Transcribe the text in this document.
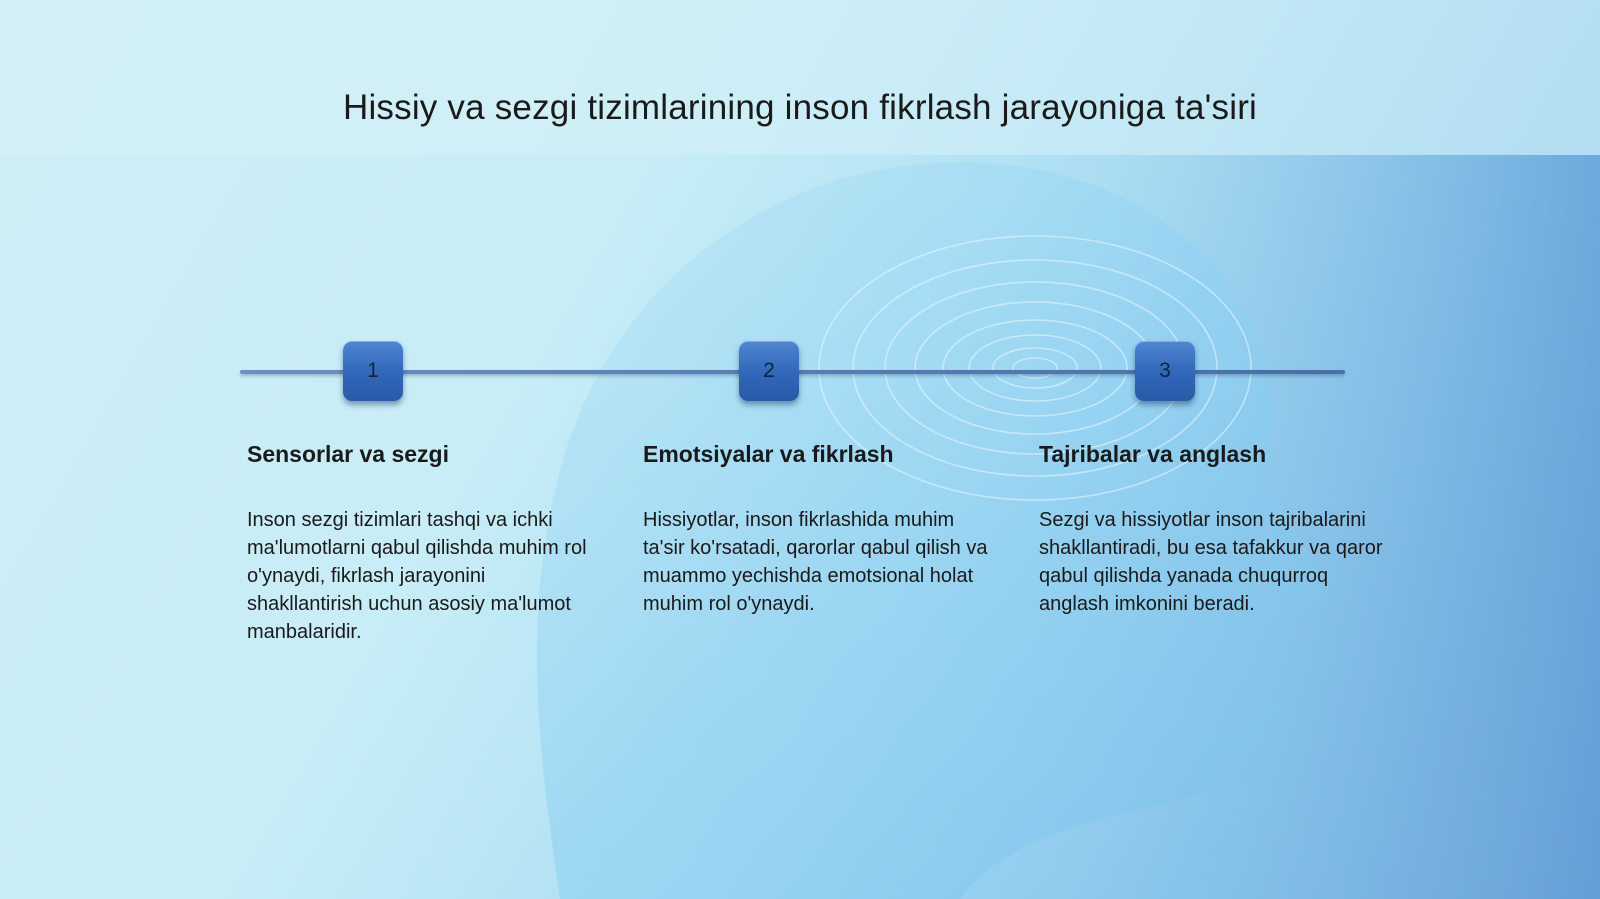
Hissiy va sezgi tizimlarining inson fikrlash jarayoniga ta'siri
1	2	3
Sensorlar va sezgi

Inson sezgi tizimlari tashqi va ichki ma'lumotlarni qabul qilishda muhim rol o'ynaydi, fikrlash jarayonini shakllantirish uchun asosiy ma'lumot manbalaridir.

Emotsiyalar va fikrlash

Hissiyotlar, inson fikrlashida muhim ta'sir ko'rsatadi, qarorlar qabul qilish va muammo yechishda emotsional holat muhim rol o'ynaydi.

Tajribalar va anglash

Sezgi va hissiyotlar inson tajribalarini shakllantiradi, bu esa tafakkur va qaror qabul qilishda yanada chuqurroq anglash imkonini beradi.
